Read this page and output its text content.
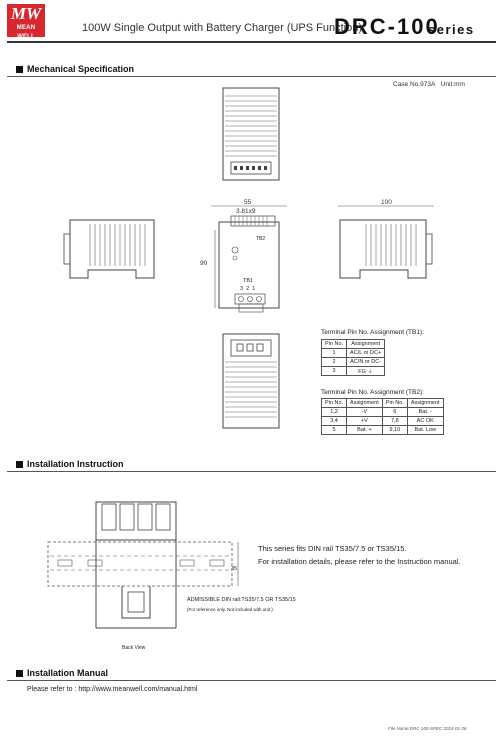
MW
MEAN WELL
100W Single Output with Battery Charger (UPS Function)
DRC-100
series
Mechanical Specification
Case No.973A Unit:mm
55
3.81x9
90
TB2
TB1
3  2  1
100
Terminal Pin No. Assignment (TB1):
Pin No.	Assignment
1	AC/L or DC+
2	AC/N or DC-
3	FG ⏚
Terminal Pin No. Assignment (TB2):
Pin No.	Assignment	Pin No.	Assignment
1,2	-V	6	Bat. -
3,4	+V	7,8	AC OK
5	Bat. +	9,10	Bat. Low
Installation Instruction
35
This series fits DIN rail TS35/7.5 or TS35/15.
For installation details, please refer to the Instruction manual.
ADMISSIBLE DIN rail:TS35/7.5 OR TS35/15
(For reference only. Not included with unit.)
Back View
Installation Manual
Please refer to : http://www.meanwell.com/manual.html
File Name:DRC-100-SPEC 2024-01-26
